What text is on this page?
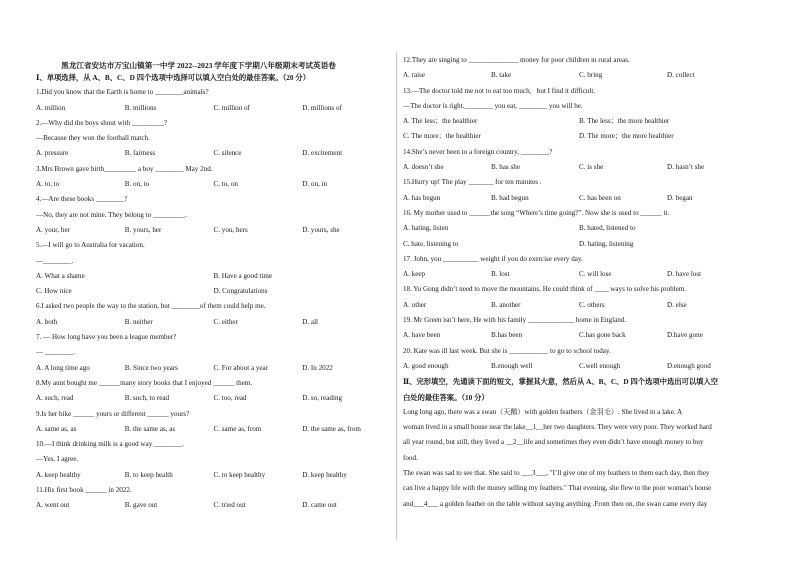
黑龙江省安达市万宝山镇第一中学 2022--2023 学年度下学期八年级期末考试英语卷
Ⅰ、单项选择，从 A、B、C、D 四个选项中选择可以填入空白处的最佳答案。（20 分）
1.Did you know that the Earth is home to ________animals?
A. million	B. millions	C. million of	D. millions of
2.—Why did the boys shout with _________?
—Because they won the football match.
A. pressure	B. fairness	C. silence	D. excitement
3.Mrs Brown gave birth_________ a boy ________ May 2nd.
A. to, to	B. on, to	C. to, on	D. on, in
4.—Are these books ________?
—No, they are not mine. They belong to _________.
A. your, her	B. yours, her	C. you, hers	D. yours, she
5.—I will go to Australia for vacation.
—________.
A. What a shame	B. Have a good time
C. How nice	D. Congratulations
6.I asked two people the way to the station, but ________of them could help me.
A. both	B. neither	C. either	D. all
7. — How long have you been a league member?
— ________.
A. A long time ago	B. Since two years	C. For about a year	D. In 2022
8.My aunt bought me ______many story books that I enjoyed ______ them.
A. such, read	B. such, to read	C. too, read	D. so, reading
9.Is her bike ______ yours or different ______ yours?
A. same as, as	B. the same as, as	C. same as, from	D. the same as, from
10.—I think drinking milk is a good way ________.
—Yes, I agree.
A. keep healthy	B. to keep health	C. to keep healthy	D. keep healthy
11.His first book ______ in 2022.
A. went out	B. gave out	C. tried out	D. came out
12.They are singing to ______________ money for poor children in rural areas.
A. raise	B. take	C. bring	D. collect
13.—The doctor told me not to eat too much，but I find it difficult.
—The doctor is right.________ you eat, ________ you will be.
A. The less；the healthier	B. The less；the more healthier
C. The more；the healthier	D. The more；the more healthier
14.She’s never been to a foreign country, ________?
A. doesn’t she	B. has she	C. is she	D. hasn’t she
15.Hurry up! The play _______ for ten minutes .
A. has begun	B. had begun	C. has been on	D. began
16. My mother used to ______the song “Where’s time going?”. Now she is used to ______ it.
A. hating, listen	B. hated, listened to
C. hate, listening to	D. hating, listening
17. John, you __________ weight if you do exercise every day.
A. keep	B. lost	C. will lose	D. have lost
18. Yu Gong didn’t need to move the mountains, He could think of ____ ways to solve his problem.
A. other	B. another	C. others	D. else
19. Mr Green isn’t here, He with his family _____________ home in England.
A. have been	B.has been	C.has gone back	D.have gone
20. Kate was ill last week. But she is ___________ to go to school today.
A. good enough	B.enough well	C.well enough	D.enough good
Ⅱ、完形填空，先通读下面的短文，掌握其大意，然后从 A、B、C、D 四个选项中选出可以填入空
白处的最佳答案。（10 分）
Long long ago, there was a swan（天鹅）with golden feathers（金羽毛）. She lived in a lake. A
woman lived in a small house near the lake__1__her two daughters. They were very poor. They worked hard
all year round, but still, they lived a __2__life and sometimes they even didn’t have enough money to buy
food.
The swan was sad to see that. She said to ___3___, "I’ll give one of my feathers to them each day, then they
can live a happy life with the money selling my feathers." That evening, she flew to the poor woman’s house
and___4___ a golden feather on the table without saying anything .From then on, the swan came every day
